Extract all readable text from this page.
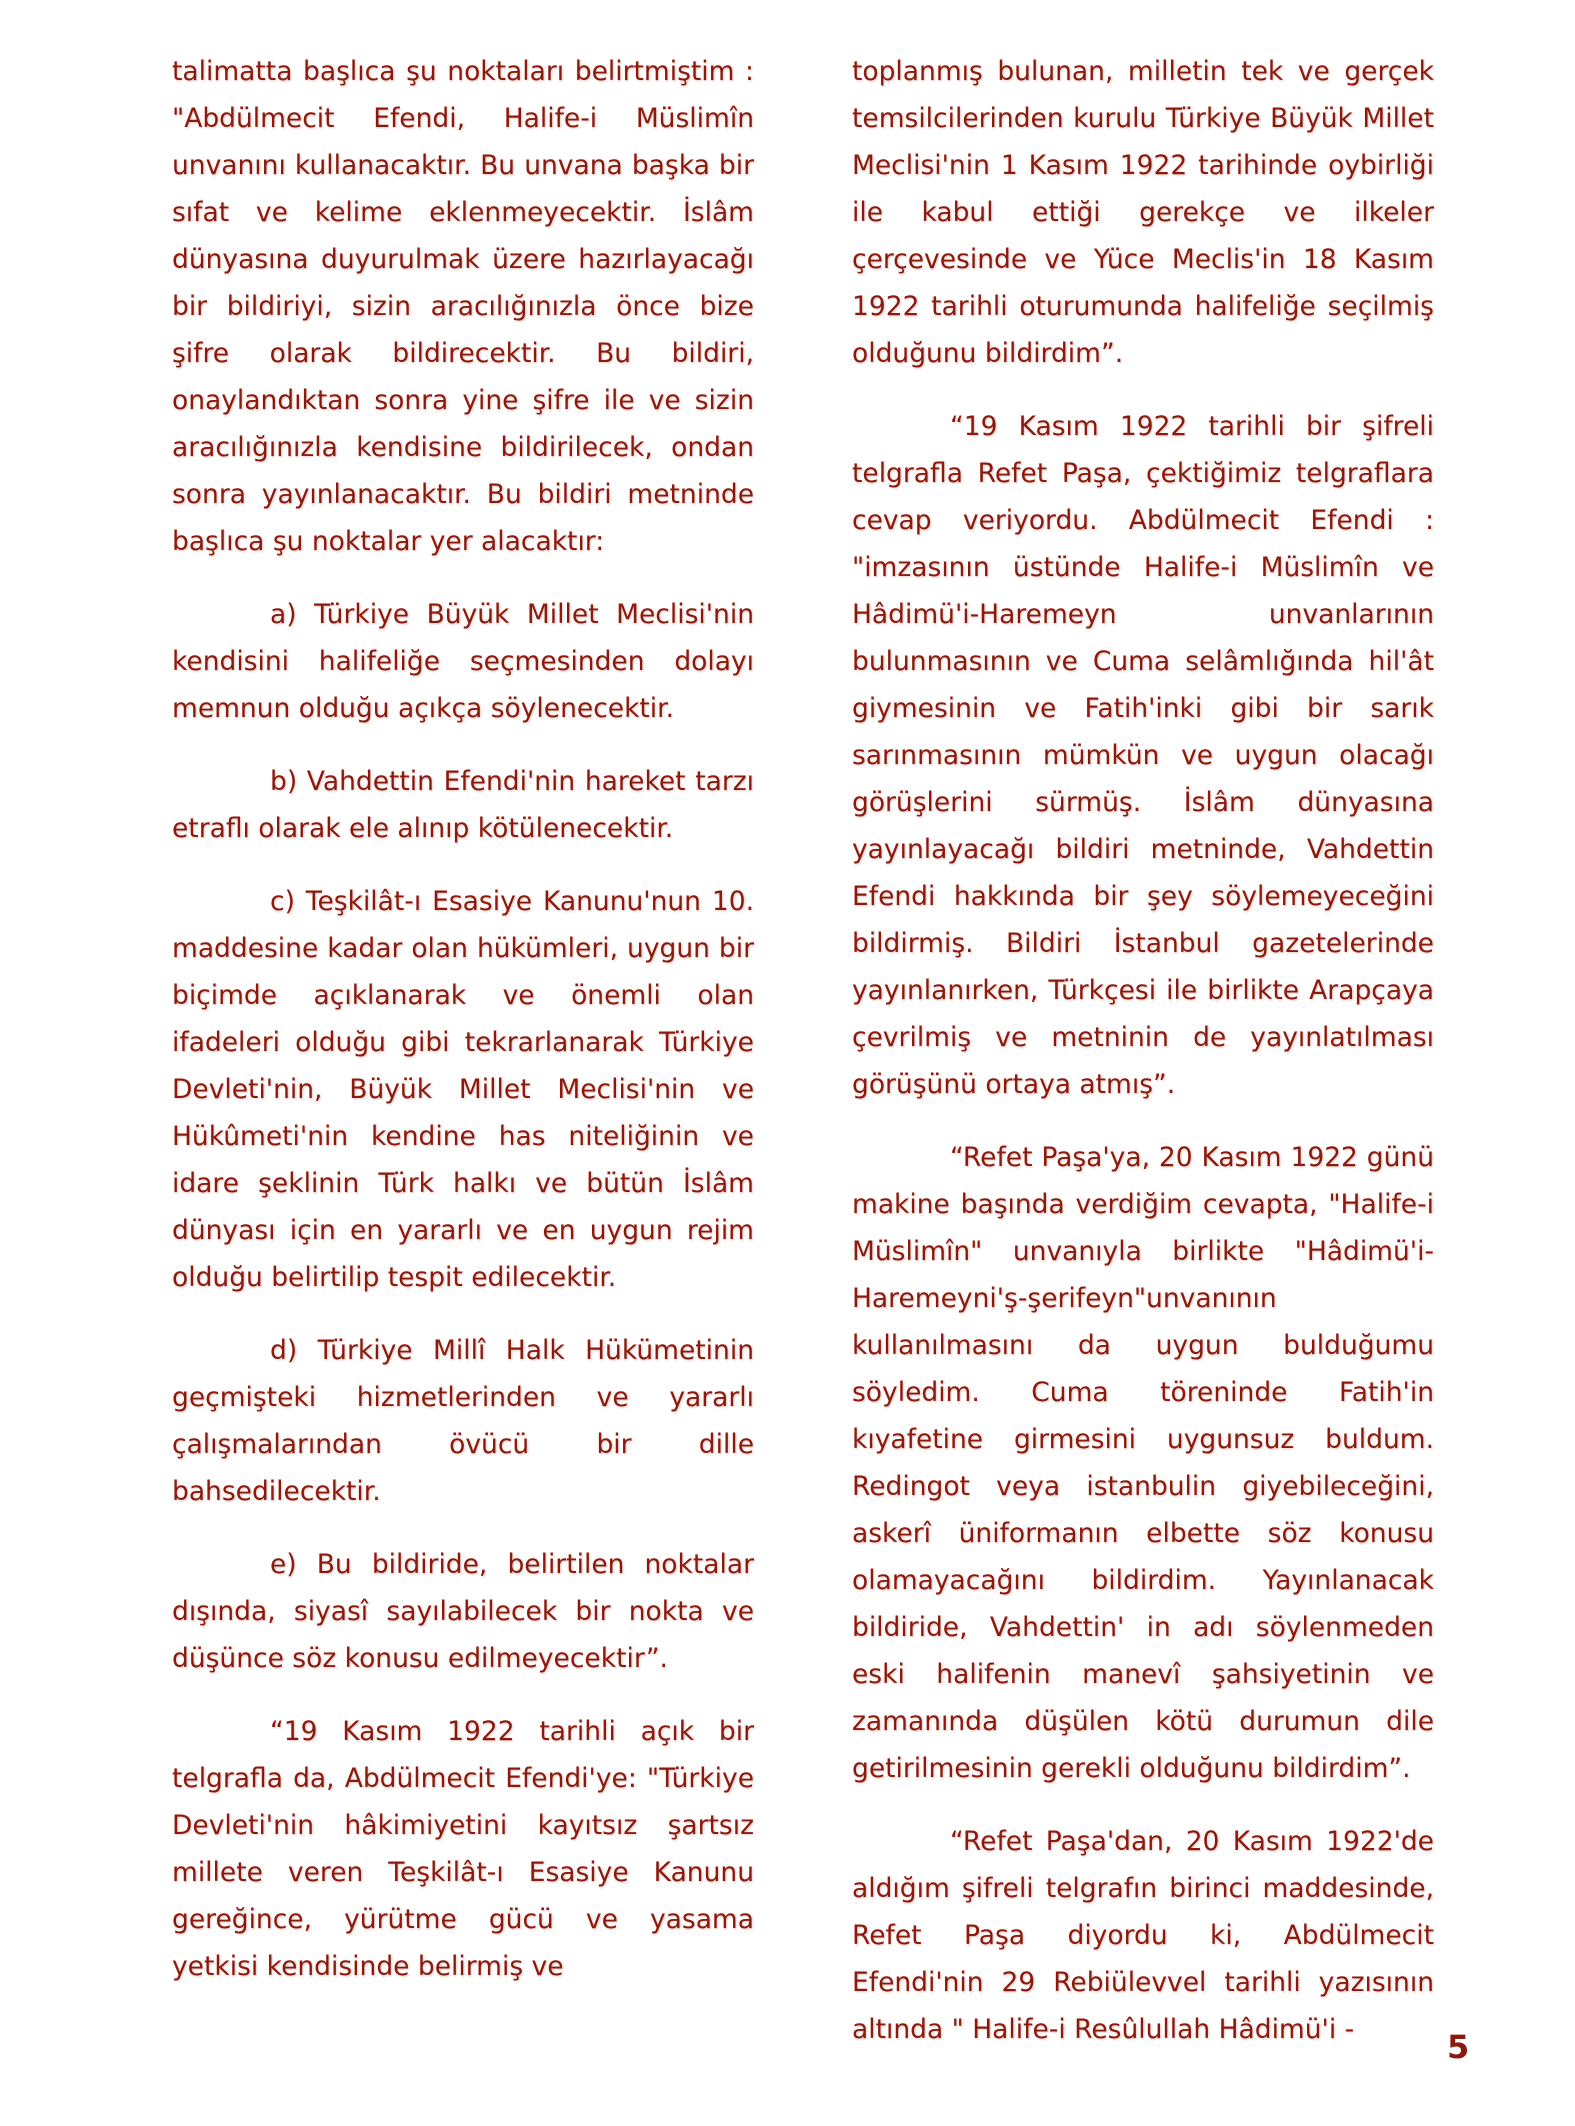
talimatta başlıca şu noktaları belirtmiştim : "Abdülmecit Efendi, Halife-i Müslimîn unvanını kullanacaktır. Bu unvana başka bir sıfat ve kelime eklenmeyecektir. İslâm dünyasına duyurulmak üzere hazırlayacağı bir bildiriyi, sizin aracılığınızla önce bize şifre olarak bildirecektir. Bu bildiri, onaylandıktan sonra yine şifre ile ve sizin aracılığınızla kendisine bildirilecek, ondan sonra yayınlanacaktır. Bu bildiri metninde başlıca şu noktalar yer alacaktır:

a) Türkiye Büyük Millet Meclisi'nin kendisini halifeliğe seçmesinden dolayı memnun olduğu açıkça söylenecektir.

b) Vahdettin Efendi'nin hareket tarzı etraflı olarak ele alınıp kötülenecektir.

c) Teşkilât-ı Esasiye Kanunu'nun 10. maddesine kadar olan hükümleri, uygun bir biçimde açıklanarak ve önemli olan ifadeleri olduğu gibi tekrarlanarak Türkiye Devleti'nin, Büyük Millet Meclisi'nin ve Hükûmeti'nin kendine has niteliğinin ve idare şeklinin Türk halkı ve bütün İslâm dünyası için en yararlı ve en uygun rejim olduğu belirtilip tespit edilecektir.

d) Türkiye Millî Halk Hükümetinin geçmişteki hizmetlerinden ve yararlı çalışmalarından övücü bir dille bahsedilecektir.

e) Bu bildiride, belirtilen noktalar dışında, siyasî sayılabilecek bir nokta ve düşünce söz konusu edilmeyecektir”.

“19 Kasım 1922 tarihli açık bir telgrafla da, Abdülmecit Efendi'ye: "Türkiye Devleti'nin hâkimiyetini kayıtsız şartsız millete veren Teşkilât-ı Esasiye Kanunu gereğince, yürütme gücü ve yasama yetkisi kendisinde belirmiş ve

toplanmış bulunan, milletin tek ve gerçek temsilcilerinden kurulu Türkiye Büyük Millet Meclisi'nin 1 Kasım 1922 tarihinde oybirliği ile kabul ettiği gerekçe ve ilkeler çerçevesinde ve Yüce Meclis'in 18 Kasım 1922 tarihli oturumunda halifeliğe seçilmiş olduğunu bildirdim”.

“19 Kasım 1922 tarihli bir şifreli telgrafla Refet Paşa, çektiğimiz telgraflara cevap veriyordu. Abdülmecit Efendi : "imzasının üstünde Halife-i Müslimîn ve Hâdimü'i-Haremeyn unvanlarının bulunmasının ve Cuma selâmlığında hil'ât giymesinin ve Fatih'inki gibi bir sarık sarınmasının mümkün ve uygun olacağı görüşlerini sürmüş. İslâm dünyasına yayınlayacağı bildiri metninde, Vahdettin Efendi hakkında bir şey söylemeyeceğini bildirmiş. Bildiri İstanbul gazetelerinde yayınlanırken, Türkçesi ile birlikte Arapçaya çevrilmiş ve metninin de yayınlatılması görüşünü ortaya atmış”.

“Refet Paşa'ya, 20 Kasım 1922 günü makine başında verdiğim cevapta, "Halife-i Müslimîn" unvanıyla birlikte "Hâdimü'i-Haremeyni'ş-şerifeyn"unvanının kullanılmasını da uygun bulduğumu söyledim. Cuma töreninde Fatih'in kıyafetine girmesini uygunsuz buldum. Redingot veya istanbulin giyebileceğini, askerî üniformanın elbette söz konusu olamayacağını bildirdim. Yayınlanacak bildiride, Vahdettin' in adı söylenmeden eski halifenin manevî şahsiyetinin ve zamanında düşülen kötü durumun dile getirilmesinin gerekli olduğunu bildirdim”.

“Refet Paşa'dan, 20 Kasım 1922'de aldığım şifreli telgrafın birinci maddesinde, Refet Paşa diyordu ki, Abdülmecit Efendi'nin 29 Rebiülevvel tarihli yazısının altında " Halife-i Resûlullah Hâdimü'i -	5
